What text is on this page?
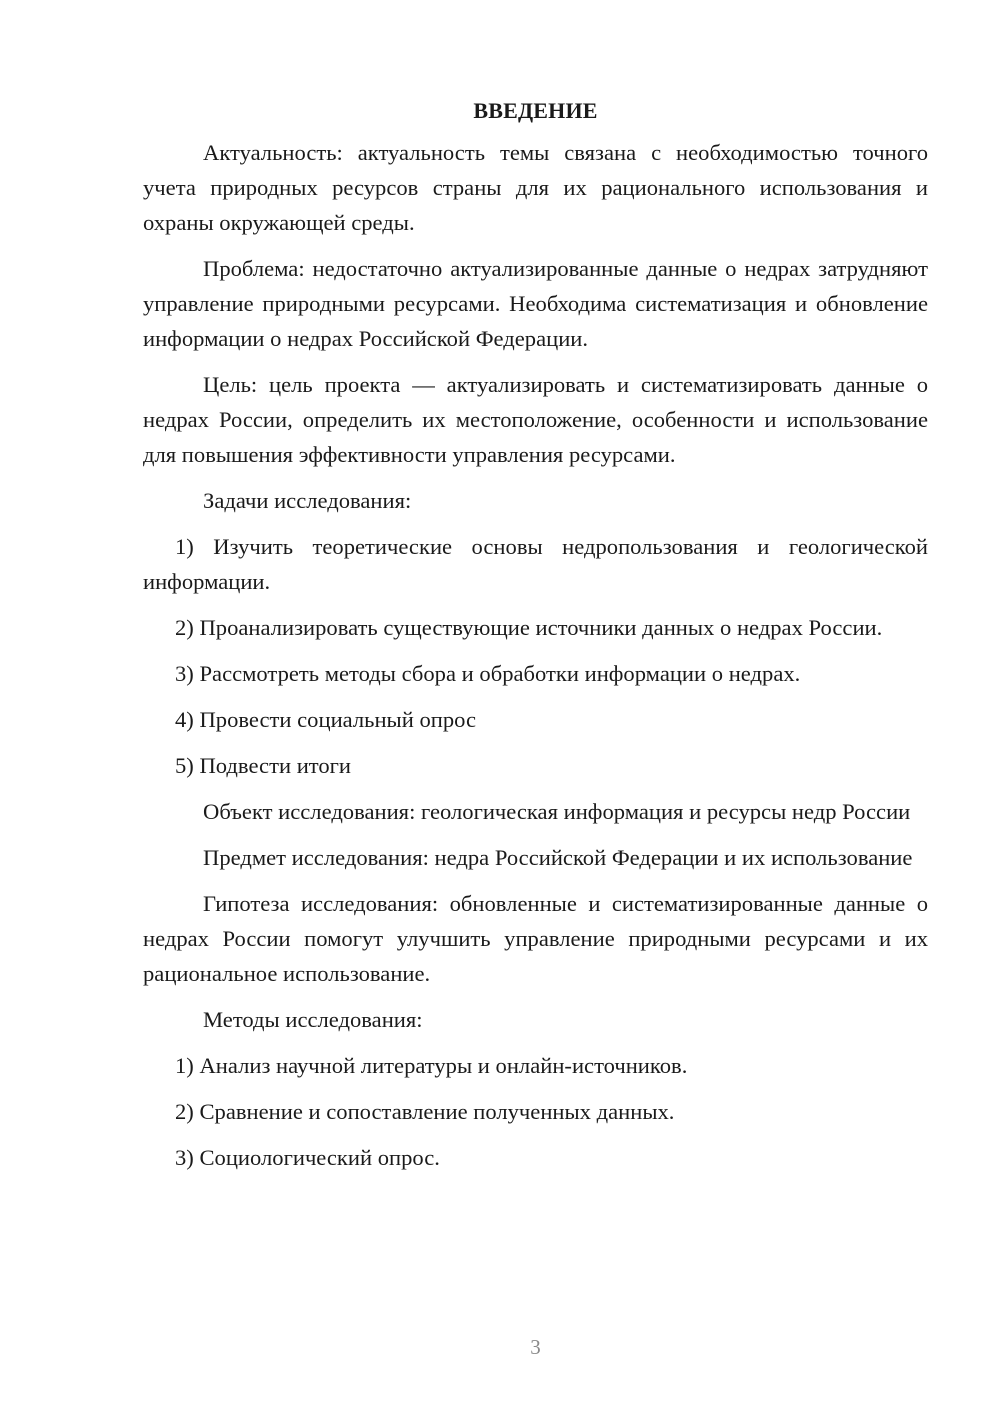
ВВЕДЕНИЕ

Актуальность: актуальность темы связана с необходимостью точного учета природных ресурсов страны для их рационального использования и охраны окружающей среды.

Проблема: недостаточно актуализированные данные о недрах затрудняют управление природными ресурсами. Необходима систематизация и обновление информации о недрах Российской Федерации.

Цель: цель проекта — актуализировать и систематизировать данные о недрах России, определить их местоположение, особенности и использование для повышения эффективности управления ресурсами.

Задачи исследования:

1) Изучить теоретические основы недропользования и геологической информации.

2) Проанализировать существующие источники данных о недрах России.

3) Рассмотреть методы сбора и обработки информации о недрах.

4) Провести социальный опрос

5) Подвести итоги

Объект исследования: геологическая информация и ресурсы недр России

Предмет исследования: недра Российской Федерации и их использование

Гипотеза исследования: обновленные и систематизированные данные о недрах России помогут улучшить управление природными ресурсами и их рациональное использование.

Методы исследования:

1) Анализ научной литературы и онлайн-источников.

2) Сравнение и сопоставление полученных данных.

3) Социологический опрос.

3
